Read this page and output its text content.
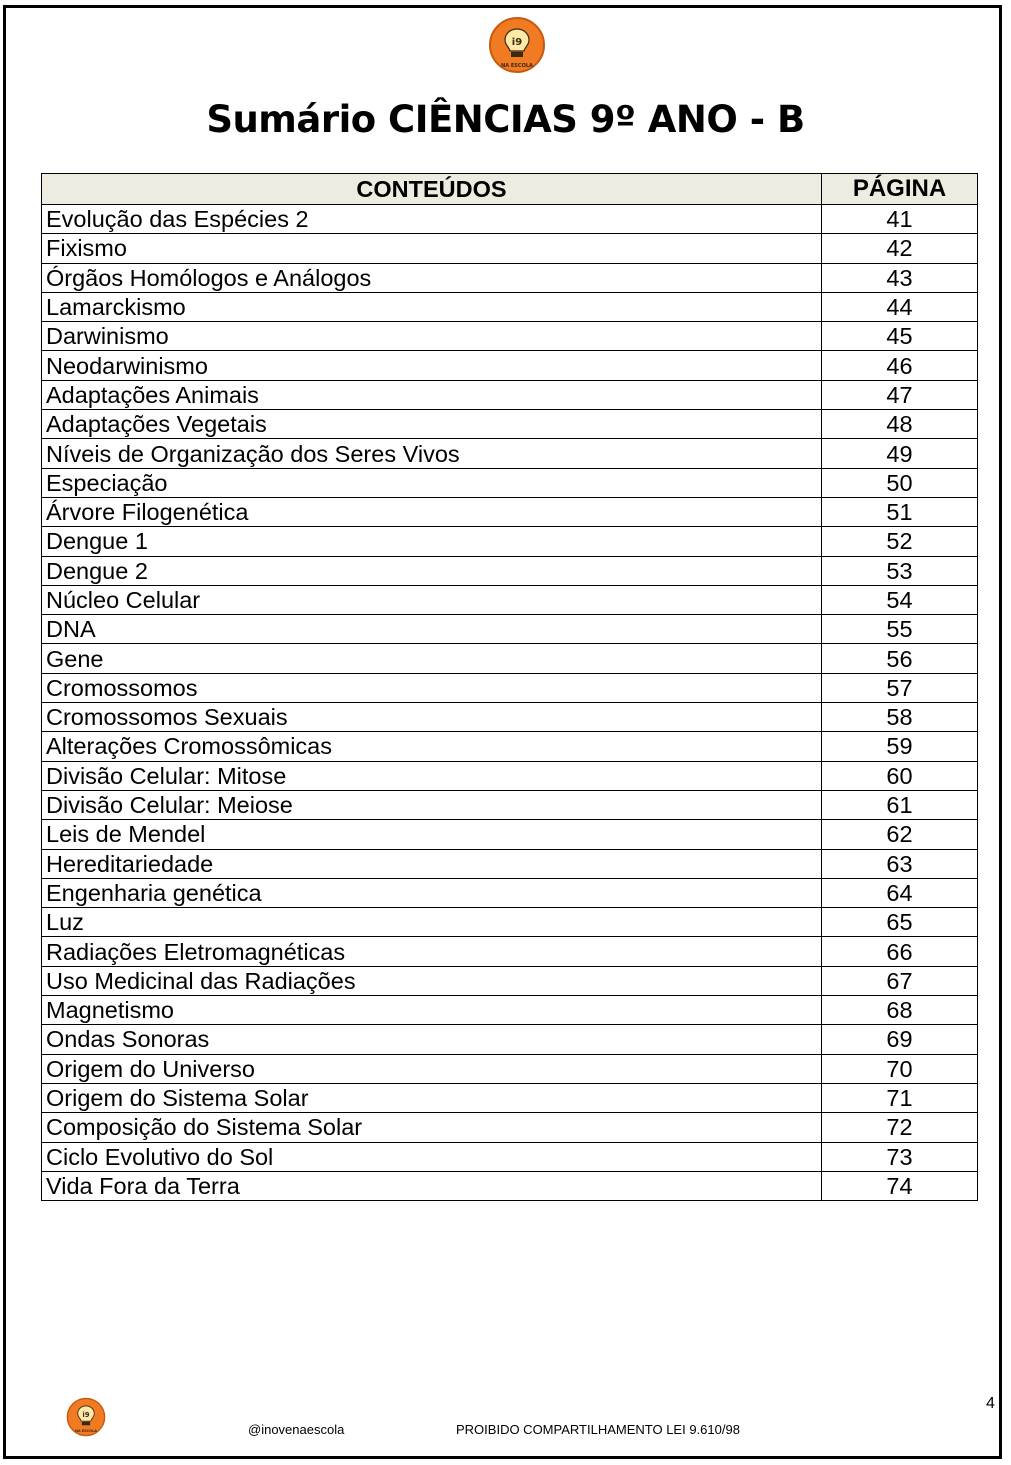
i9
NA ESCOLA
Sumário CIÊNCIAS 9º ANO - B
CONTEÚDOS	PÁGINA
Evolução das Espécies 2	41
Fixismo	42
Órgãos Homólogos e Análogos	43
Lamarckismo	44
Darwinismo	45
Neodarwinismo	46
Adaptações Animais	47
Adaptações Vegetais	48
Níveis de Organização dos Seres Vivos	49
Especiação	50
Árvore Filogenética	51
Dengue 1	52
Dengue 2	53
Núcleo Celular	54
DNA	55
Gene	56
Cromossomos	57
Cromossomos Sexuais	58
Alterações Cromossômicas	59
Divisão Celular: Mitose	60
Divisão Celular: Meiose	61
Leis de Mendel	62
Hereditariedade	63
Engenharia genética	64
Luz	65
Radiações Eletromagnéticas	66
Uso Medicinal das Radiações	67
Magnetismo	68
Ondas Sonoras	69
Origem do Universo	70
Origem do Sistema Solar	71
Composição do Sistema Solar	72
Ciclo Evolutivo do Sol	73
Vida Fora da Terra	74
i9
NA ESCOLA	@inovenaescola	PROIBIDO COMPARTILHAMENTO LEI 9.610/98
4
